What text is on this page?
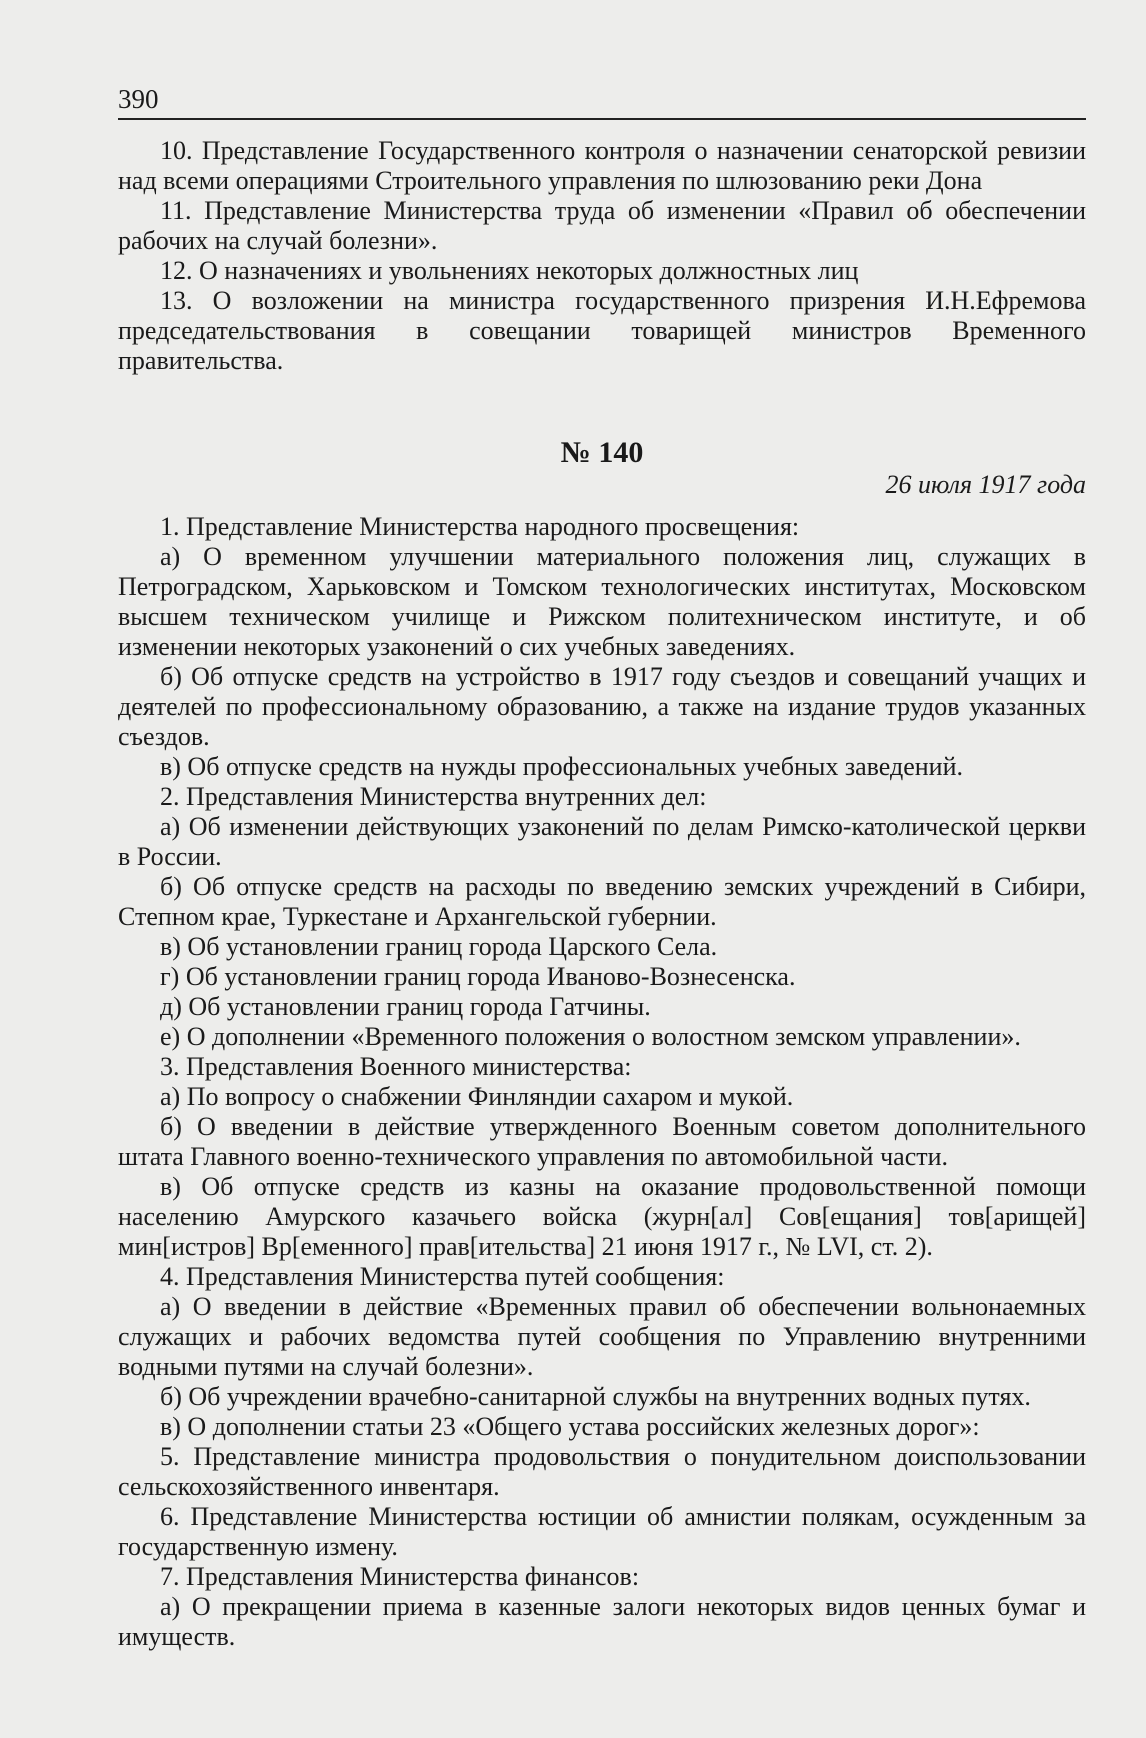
390

10. Представление Государственного контроля о назначении сенаторской ревизии над всеми операциями Строительного управления по шлюзованию реки Дона

11. Представление Министерства труда об изменении «Правил об обеспечении рабочих на случай болезни».

12. О назначениях и увольнениях некоторых должностных лиц

13. О возложении на министра государственного призрения И.Н.Ефремова председательствования в совещании товарищей министров Временного правительства.

№ 140

26 июля 1917 года

1. Представление Министерства народного просвещения:

а) О временном улучшении материального положения лиц, служащих в Петроградском, Харьковском и Томском технологических институтах, Московском высшем техническом училище и Рижском политехническом институте, и об изменении некоторых узаконений о сих учебных заведениях.

б) Об отпуске средств на устройство в 1917 году съездов и совещаний учащих и деятелей по профессиональному образованию, а также на издание трудов указанных съездов.

в) Об отпуске средств на нужды профессиональных учебных заведений.

2. Представления Министерства внутренних дел:

а) Об изменении действующих узаконений по делам Римско-католической церкви в России.

б) Об отпуске средств на расходы по введению земских учреждений в Сибири, Степном крае, Туркестане и Архангельской губернии.

в) Об установлении границ города Царского Села.

г) Об установлении границ города Иваново-Вознесенска.

д) Об установлении границ города Гатчины.

е) О дополнении «Временного положения о волостном земском управлении».

3. Представления Военного министерства:

а) По вопросу о снабжении Финляндии сахаром и мукой.

б) О введении в действие утвержденного Военным советом дополнительного штата Главного военно-технического управления по автомобильной части.

в) Об отпуске средств из казны на оказание продовольственной помощи населению Амурского казачьего войска (журн[ал] Сов[ещания] тов[арищей] мин[истров] Вр[еменного] прав[ительства] 21 июня 1917 г., № LVI, ст. 2).

4. Представления Министерства путей сообщения:

а) О введении в действие «Временных правил об обеспечении вольнонаемных служащих и рабочих ведомства путей сообщения по Управлению внутренними водными путями на случай болезни».

б) Об учреждении врачебно-санитарной службы на внутренних водных путях.

в) О дополнении статьи 23 «Общего устава российских железных дорог»:

5. Представление министра продовольствия о понудительном доиспользовании сельскохозяйственного инвентаря.

6. Представление Министерства юстиции об амнистии полякам, осужденным за государственную измену.

7. Представления Министерства финансов:

а) О прекращении приема в казенные залоги некоторых видов ценных бумаг и имуществ.
